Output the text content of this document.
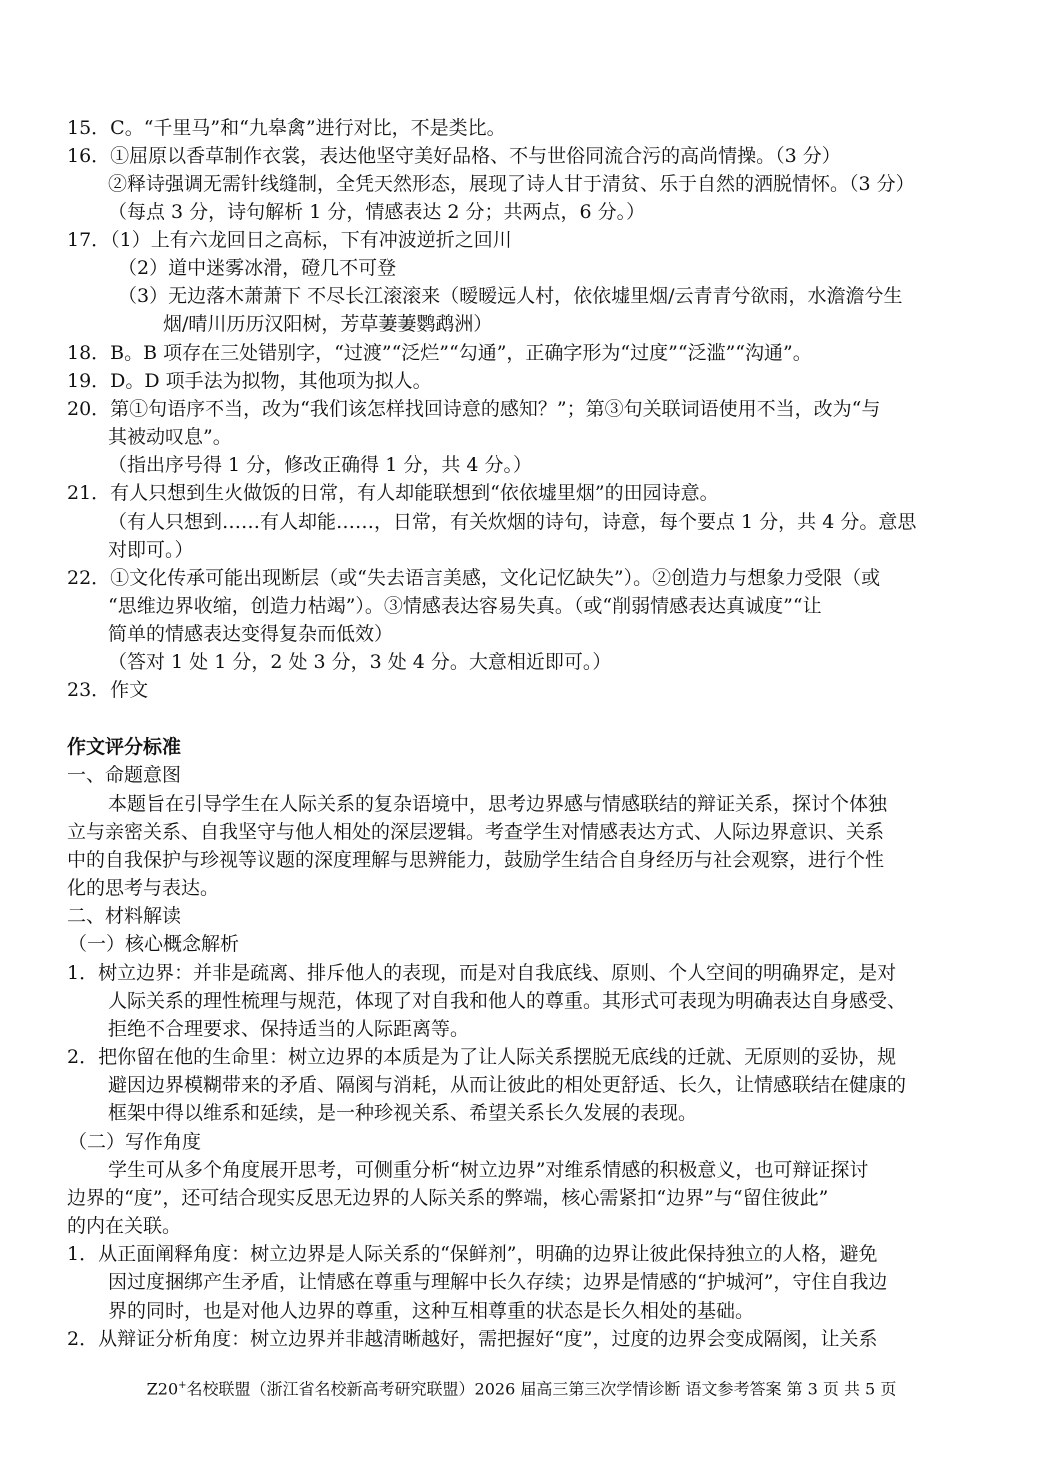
15．C。“千里马”和“九皋禽”进行对比，不是类比。
16．①屈原以香草制作衣裳，表达他坚守美好品格、不与世俗同流合污的高尚情操。（3 分）
②释诗强调无需针线缝制，全凭天然形态，展现了诗人甘于清贫、乐于自然的洒脱情怀。（3 分）
（每点 3 分，诗句解析 1 分，情感表达 2 分；共两点，6 分。）
17．（1）上有六龙回日之高标，下有冲波逆折之回川
（2）道中迷雾冰滑，磴几不可登
（3）无边落木萧萧下 不尽长江滚滚来（暧暧远人村，依依墟里烟/云青青兮欲雨，水澹澹兮生
烟/晴川历历汉阳树，芳草萋萋鹦鹉洲）
18．B。B 项存在三处错别字，“过渡”“泛烂”“勾通”，正确字形为“过度”“泛滥”“沟通”。
19．D。D 项手法为拟物，其他项为拟人。
20．第①句语序不当，改为“我们该怎样找回诗意的感知？”；第③句关联词语使用不当，改为“与
其被动叹息”。
（指出序号得 1 分，修改正确得 1 分，共 4 分。）
21．有人只想到生火做饭的日常，有人却能联想到“依依墟里烟”的田园诗意。
（有人只想到……有人却能……，日常，有关炊烟的诗句，诗意，每个要点 1 分，共 4 分。意思
对即可。）
22．①文化传承可能出现断层（或“失去语言美感，文化记忆缺失”）。②创造力与想象力受限（或
“思维边界收缩，创造力枯竭”）。③情感表达容易失真。（或“削弱情感表达真诚度”“让
简单的情感表达变得复杂而低效）
（答对 1 处 1 分，2 处 3 分，3 处 4 分。大意相近即可。）
23．作文
作文评分标准
一、命题意图
本题旨在引导学生在人际关系的复杂语境中，思考边界感与情感联结的辩证关系，探讨个体独
立与亲密关系、自我坚守与他人相处的深层逻辑。考查学生对情感表达方式、人际边界意识、关系
中的自我保护与珍视等议题的深度理解与思辨能力，鼓励学生结合自身经历与社会观察，进行个性
化的思考与表达。
二、材料解读
（一）核心概念解析
1．树立边界：并非是疏离、排斥他人的表现，而是对自我底线、原则、个人空间的明确界定，是对
人际关系的理性梳理与规范，体现了对自我和他人的尊重。其形式可表现为明确表达自身感受、
拒绝不合理要求、保持适当的人际距离等。
2．把你留在他的生命里：树立边界的本质是为了让人际关系摆脱无底线的迁就、无原则的妥协，规
避因边界模糊带来的矛盾、隔阂与消耗，从而让彼此的相处更舒适、长久，让情感联结在健康的
框架中得以维系和延续，是一种珍视关系、希望关系长久发展的表现。
（二）写作角度
学生可从多个角度展开思考，可侧重分析“树立边界”对维系情感的积极意义，也可辩证探讨
边界的“度”，还可结合现实反思无边界的人际关系的弊端，核心需紧扣“边界”与“留住彼此”
的内在关联。
1．从正面阐释角度：树立边界是人际关系的“保鲜剂”，明确的边界让彼此保持独立的人格，避免
因过度捆绑产生矛盾，让情感在尊重与理解中长久存续；边界是情感的“护城河”，守住自我边
界的同时，也是对他人边界的尊重，这种互相尊重的状态是长久相处的基础。
2．从辩证分析角度：树立边界并非越清晰越好，需把握好“度”，过度的边界会变成隔阂，让关系
Z20+名校联盟（浙江省名校新高考研究联盟）2026 届高三第三次学情诊断 语文参考答案 第 3 页 共 5 页
